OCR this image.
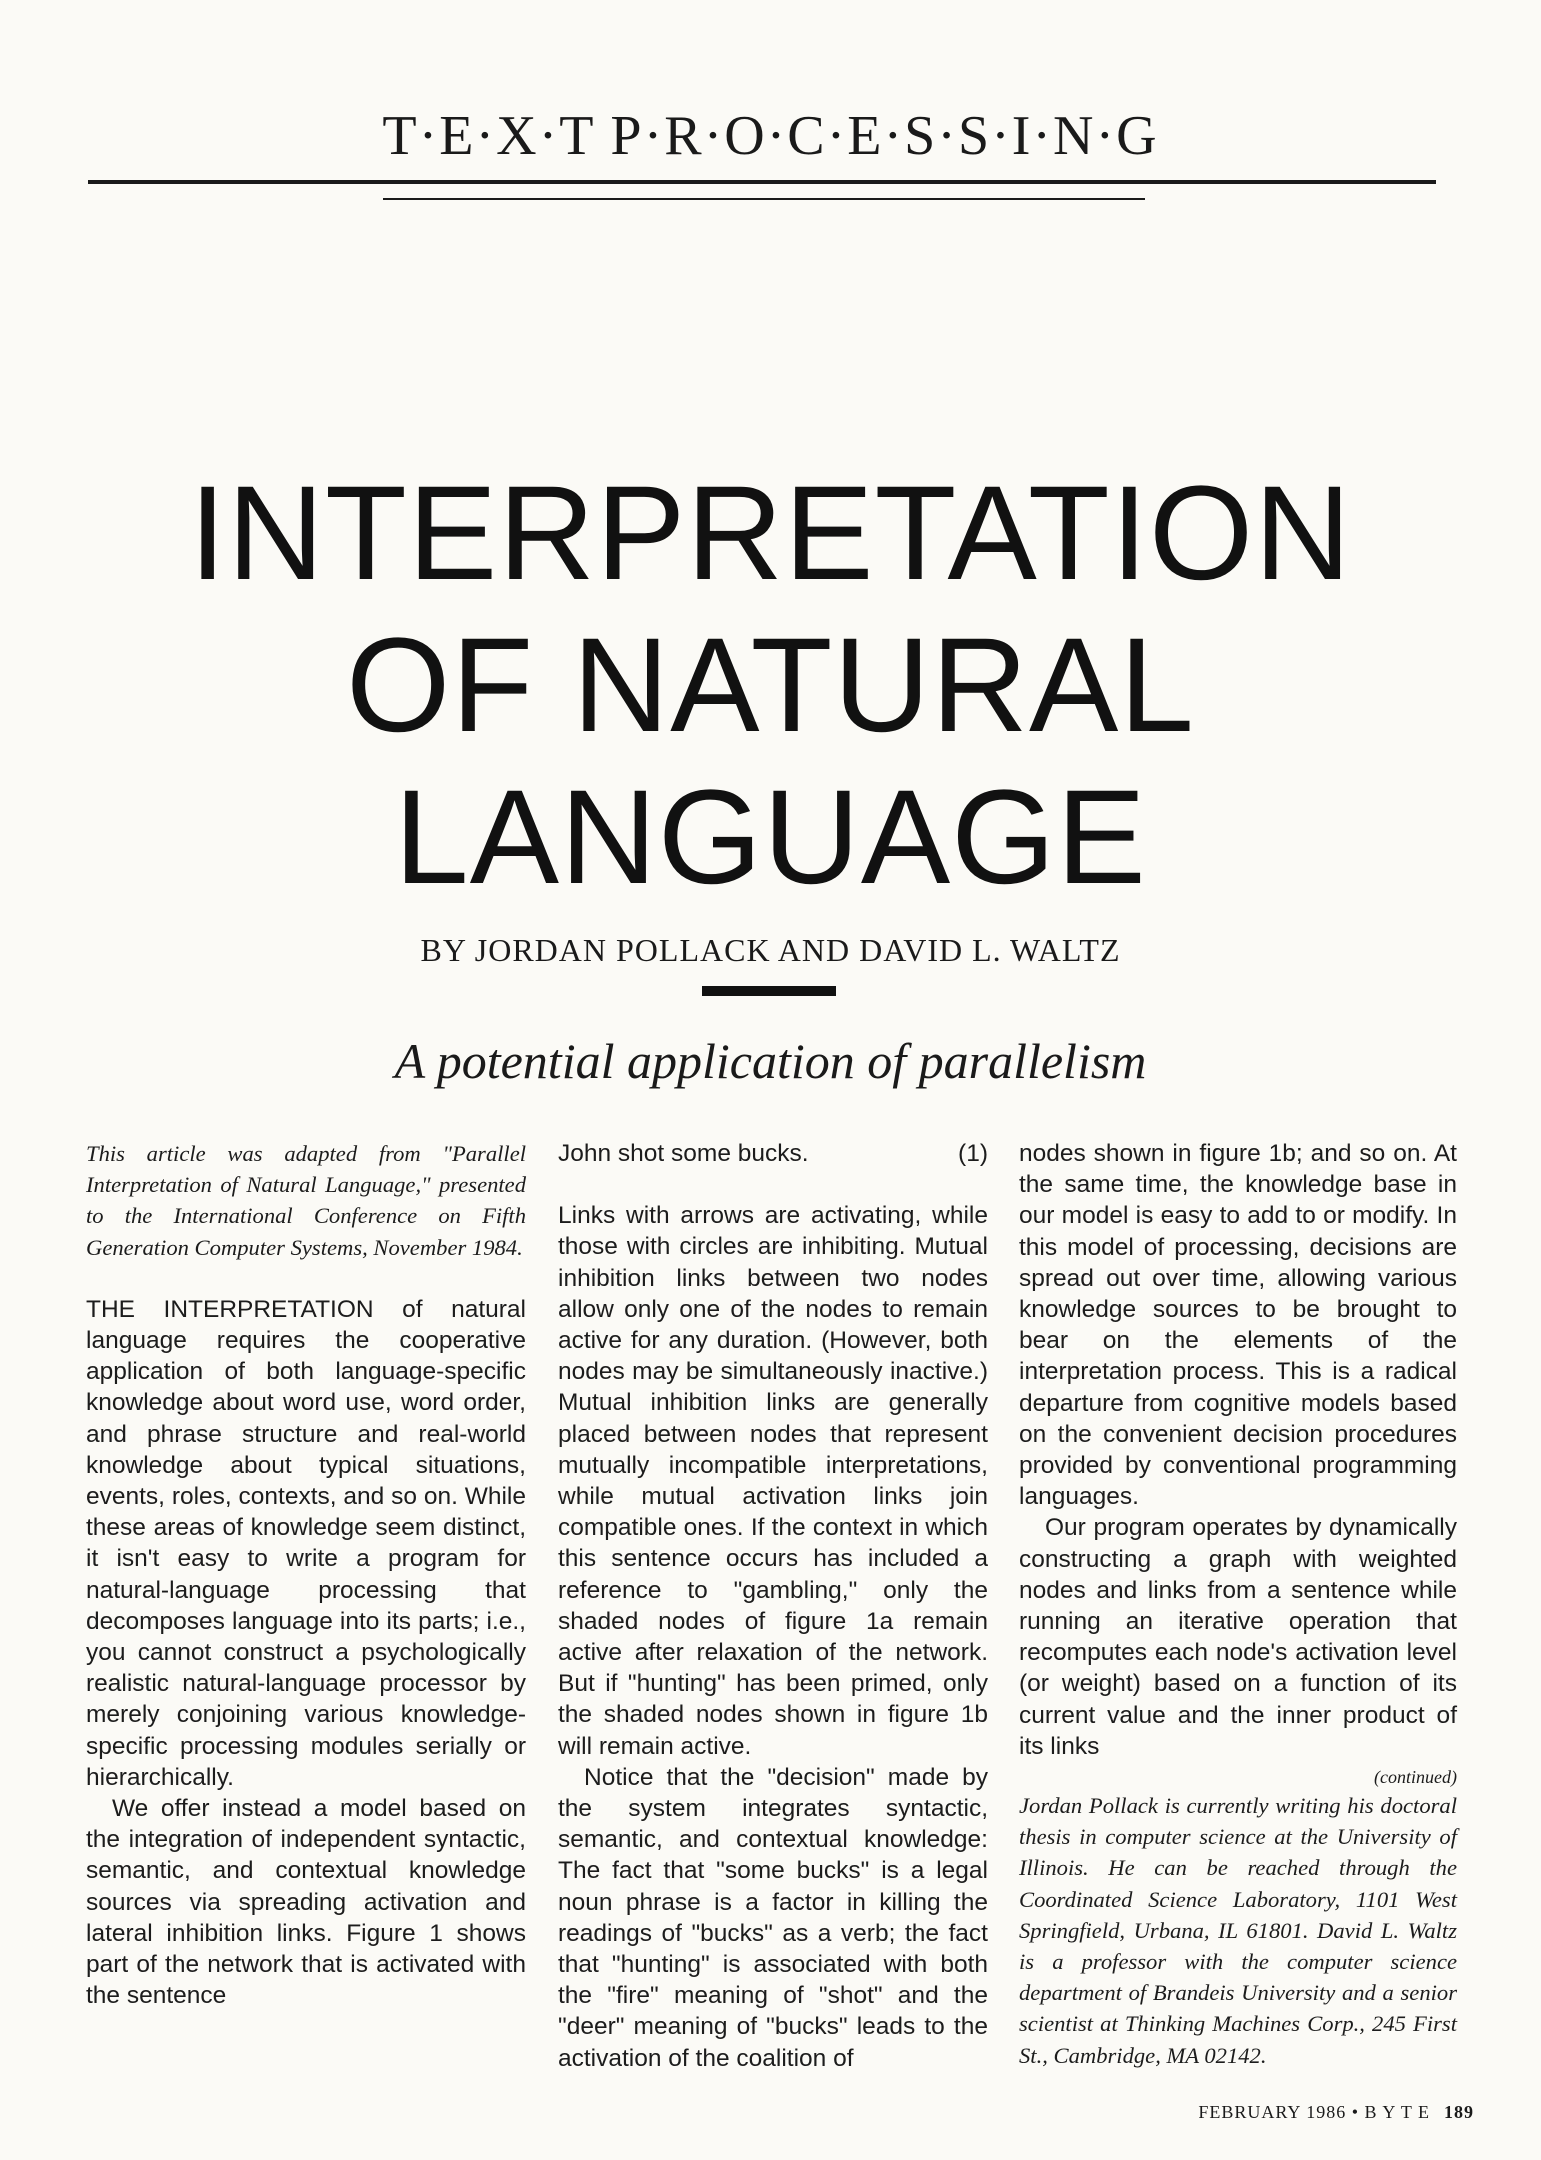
T·E·X·T P·R·O·C·E·S·S·I·N·G
INTERPRETATION
OF NATURAL
LANGUAGE
BY JORDAN POLLACK AND DAVID L. WALTZ
A potential application of parallelism

This article was adapted from "Parallel Interpretation of Natural Language," presented to the International Conference on Fifth Generation Computer Systems, November 1984.

THE INTERPRETATION of natural language requires the cooperative application of both language-specific knowledge about word use, word order, and phrase structure and real-world knowledge about typical situations, events, roles, contexts, and so on. While these areas of knowledge seem distinct, it isn't easy to write a program for natural-language processing that decomposes language into its parts; i.e., you cannot construct a psychologically realistic natural-language processor by merely conjoining various knowledge-specific processing modules serially or hierarchically.

We offer instead a model based on the integration of independent syntactic, semantic, and contextual knowledge sources via spreading activation and lateral inhibition links. Figure 1 shows part of the network that is activated with the sentence

John shot some bucks.	(1)

Links with arrows are activating, while those with circles are inhibiting. Mutual inhibition links between two nodes allow only one of the nodes to remain active for any duration. (However, both nodes may be simultaneously inactive.) Mutual inhibition links are generally placed between nodes that represent mutually incompatible interpretations, while mutual activation links join compatible ones. If the context in which this sentence occurs has included a reference to "gambling," only the shaded nodes of figure 1a remain active after relaxation of the network. But if "hunting" has been primed, only the shaded nodes shown in figure 1b will remain active.

Notice that the "decision" made by the system integrates syntactic, semantic, and contextual knowledge: The fact that "some bucks" is a legal noun phrase is a factor in killing the readings of "bucks" as a verb; the fact that "hunting" is associated with both the "fire" meaning of "shot" and the "deer" meaning of "bucks" leads to the activation of the coalition of

nodes shown in figure 1b; and so on. At the same time, the knowledge base in our model is easy to add to or modify. In this model of processing, decisions are spread out over time, allowing various knowledge sources to be brought to bear on the elements of the interpretation process. This is a radical departure from cognitive models based on the convenient decision procedures provided by conventional programming languages.

Our program operates by dynamically constructing a graph with weighted nodes and links from a sentence while running an iterative operation that recomputes each node's activation level (or weight) based on a function of its current value and the inner product of its links

(continued)

Jordan Pollack is currently writing his doctoral thesis in computer science at the University of Illinois. He can be reached through the Coordinated Science Laboratory, 1101 West Springfield, Urbana, IL 61801. David L. Waltz is a professor with the computer science department of Brandeis University and a senior scientist at Thinking Machines Corp., 245 First St., Cambridge, MA 02142.

FEBRUARY 1986 • B Y T E 189
